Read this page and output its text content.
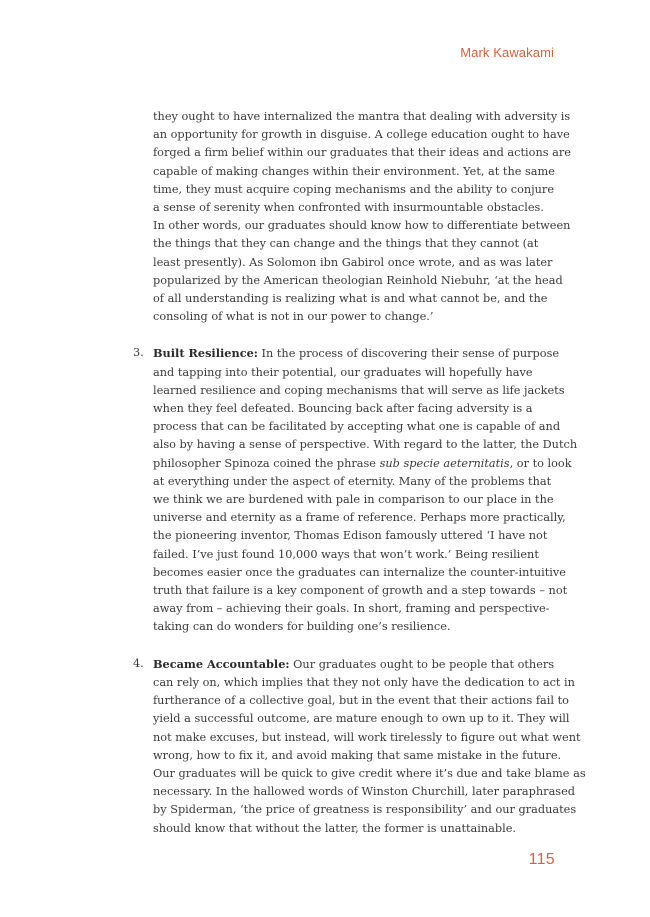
Mark Kawakami
they ought to have internalized the mantra that dealing with adversity is
an opportunity for growth in disguise. A college education ought to have
forged a firm belief within our graduates that their ideas and actions are
capable of making changes within their environment. Yet, at the same
time, they must acquire coping mechanisms and the ability to conjure
a sense of serenity when confronted with insurmountable obstacles.
In other words, our graduates should know how to differentiate between
the things that they can change and the things that they cannot (at
least presently). As Solomon ibn Gabirol once wrote, and as was later
popularized by the American theologian Reinhold Niebuhr, ‘at the head
of all understanding is realizing what is and what cannot be, and the
consoling of what is not in our power to change.’
3. Built Resilience: In the process of discovering their sense of purpose
and tapping into their potential, our graduates will hopefully have
learned resilience and coping mechanisms that will serve as life jackets
when they feel defeated. Bouncing back after facing adversity is a
process that can be facilitated by accepting what one is capable of and
also by having a sense of perspective. With regard to the latter, the Dutch
philosopher Spinoza coined the phrase sub specie aeternitatis, or to look
at everything under the aspect of eternity. Many of the problems that
we think we are burdened with pale in comparison to our place in the
universe and eternity as a frame of reference. Perhaps more practically,
the pioneering inventor, Thomas Edison famously uttered ‘I have not
failed. I’ve just found 10,000 ways that won’t work.’ Being resilient
becomes easier once the graduates can internalize the counter-intuitive
truth that failure is a key component of growth and a step towards – not
away from – achieving their goals. In short, framing and perspective-
taking can do wonders for building one’s resilience.
4. Became Accountable: Our graduates ought to be people that others
can rely on, which implies that they not only have the dedication to act in
furtherance of a collective goal, but in the event that their actions fail to
yield a successful outcome, are mature enough to own up to it. They will
not make excuses, but instead, will work tirelessly to figure out what went
wrong, how to fix it, and avoid making that same mistake in the future.
Our graduates will be quick to give credit where it’s due and take blame as
necessary. In the hallowed words of Winston Churchill, later paraphrased
by Spiderman, ‘the price of greatness is responsibility’ and our graduates
should know that without the latter, the former is unattainable.
115
